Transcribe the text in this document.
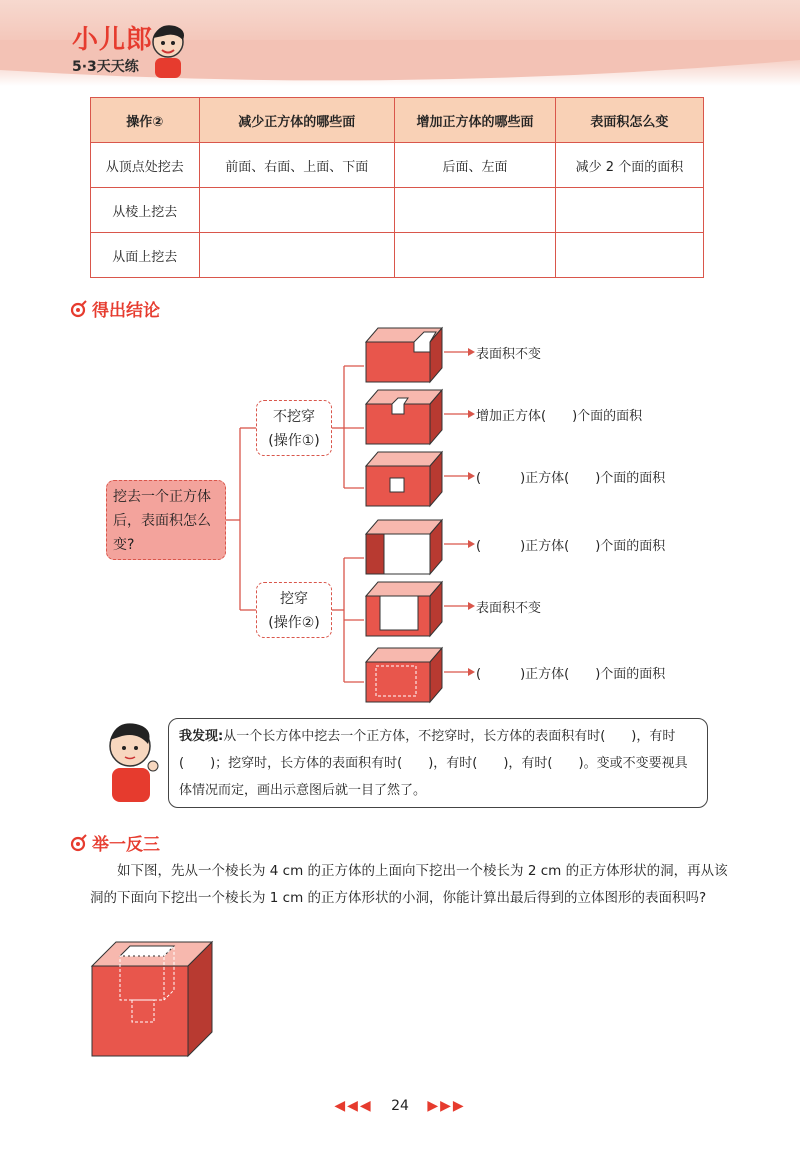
小儿郎
5·3天天练
操作②	减少正方体的哪些面	增加正方体的哪些面	表面积怎么变
从顶点处挖去	前面、右面、上面、下面	后面、左面	减少 2 个面的面积
从棱上挖去			
从面上挖去			
得出结论
挖去一个正方体后，表面积怎么变?
不挖穿
(操作①)
挖穿
(操作②)
表面积不变
增加正方体(　　)个面的面积
(　　　)正方体(　　)个面的面积
(　　　)正方体(　　)个面的面积
表面积不变
(　　　)正方体(　　)个面的面积
我发现:从一个长方体中挖去一个正方体，不挖穿时，长方体的表面积有时(　　)，有时(　　)；挖穿时，长方体的表面积有时(　　)，有时(　　)，有时(　　)。变或不变要视具体情况而定，画出示意图后就一目了然了。
举一反三
如下图，先从一个棱长为 4 cm 的正方体的上面向下挖出一个棱长为 2 cm 的正方体形状的洞，再从该洞的下面向下挖出一个棱长为 1 cm 的正方体形状的小洞，你能计算出最后得到的立体图形的表面积吗?
◀◀◀ 24 ▶▶▶
